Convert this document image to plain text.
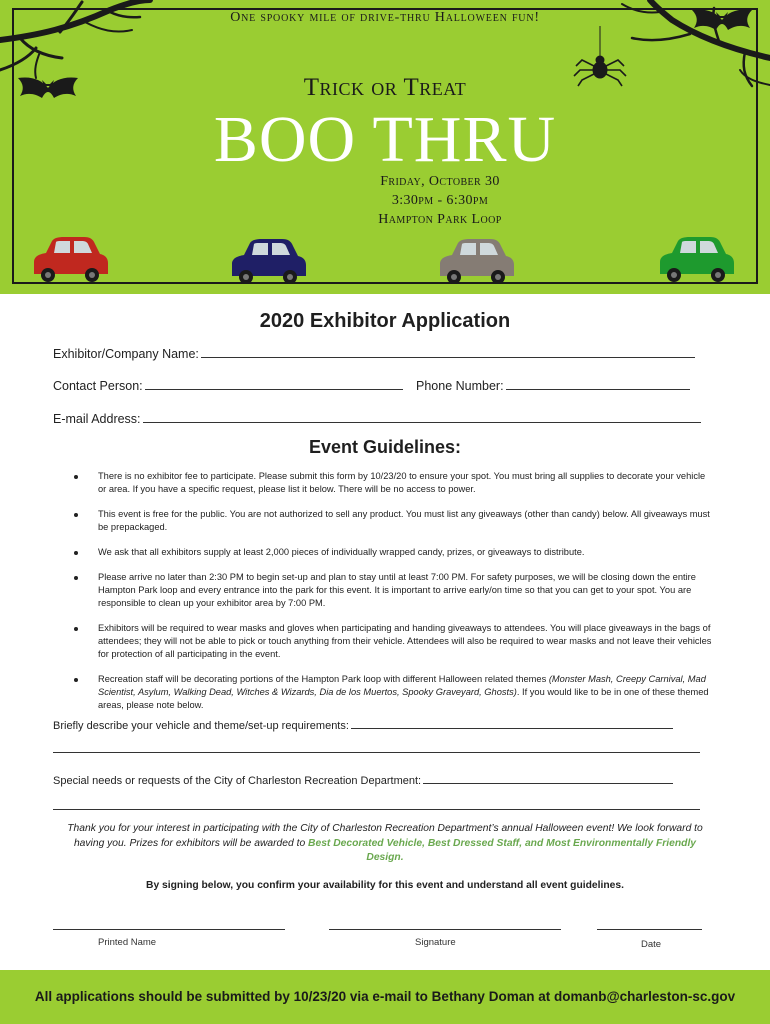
One spooky mile of drive-thru Halloween fun!
Trick or Treat
BOO THRU
Friday, October 30
3:30pm - 6:30pm
Hampton Park Loop
2020 Exhibitor Application
Exhibitor/Company Name:
Contact Person:	Phone Number:
E-mail Address:
Event Guidelines:
There is no exhibitor fee to participate. Please submit this form by 10/23/20 to ensure your spot. You must bring all supplies to decorate your vehicle or area. If you have a specific request, please list it below. There will be no access to power.
This event is free for the public. You are not authorized to sell any product. You must list any giveaways (other than candy) below. All giveaways must be prepackaged.
We ask that all exhibitors supply at least 2,000 pieces of individually wrapped candy, prizes, or giveaways to distribute.
Please arrive no later than 2:30 PM to begin set-up and plan to stay until at least 7:00 PM. For safety purposes, we will be closing down the entire Hampton Park loop and every entrance into the park for this event. It is important to arrive early/on time so that you can get to your spot. You are responsible to clean up your exhibitor area by 7:00 PM.
Exhibitors will be required to wear masks and gloves when participating and handing giveaways to attendees. You will place giveaways in the bags of attendees; they will not be able to pick or touch anything from their vehicle. Attendees will also be required to wear masks and not leave their vehicles for protection of all participating in the event.
Recreation staff will be decorating portions of the Hampton Park loop with different Halloween related themes (Monster Mash, Creepy Carnival, Mad Scientist, Asylum, Walking Dead, Witches & Wizards, Dia de los Muertos, Spooky Graveyard, Ghosts). If you would like to be in one of these themed areas, please note below.
Briefly describe your vehicle and theme/set-up requirements:
Special needs or requests of the City of Charleston Recreation Department:
Thank you for your interest in participating with the City of Charleston Recreation Department’s annual Halloween event! We look forward to having you. Prizes for exhibitors will be awarded to Best Decorated Vehicle, Best Dressed Staff, and Most Environmentally Friendly Design.
By signing below, you confirm your availability for this event and understand all event guidelines.
Printed Name	Signature	Date
All applications should be submitted by 10/23/20 via e-mail to Bethany Doman at domanb@charleston-sc.gov
